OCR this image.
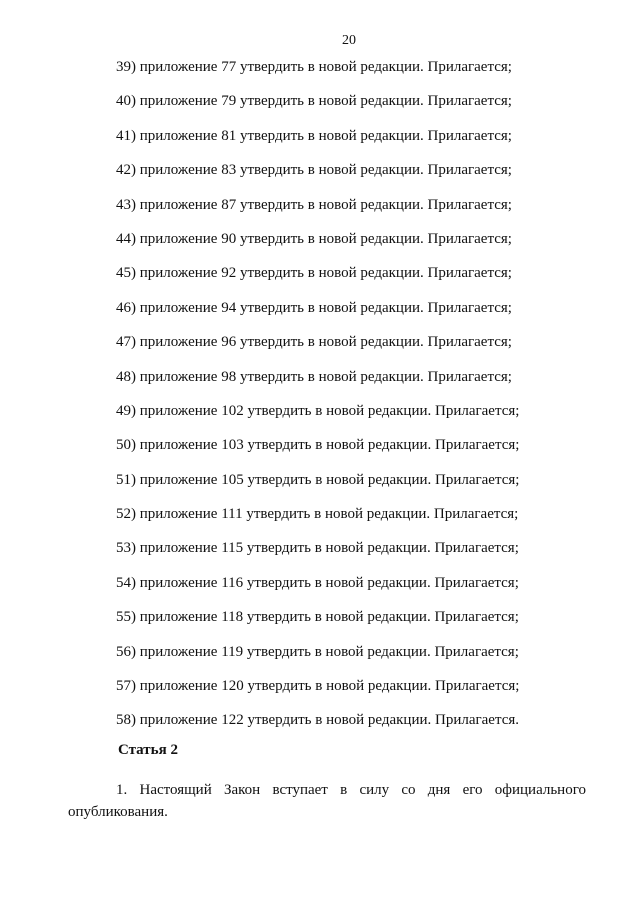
20
39) приложение 77 утвердить в новой редакции. Прилагается;
40) приложение 79 утвердить в новой редакции. Прилагается;
41) приложение 81 утвердить в новой редакции. Прилагается;
42) приложение 83 утвердить в новой редакции. Прилагается;
43) приложение 87 утвердить в новой редакции. Прилагается;
44) приложение 90 утвердить в новой редакции. Прилагается;
45) приложение 92 утвердить в новой редакции. Прилагается;
46) приложение 94 утвердить в новой редакции. Прилагается;
47) приложение 96 утвердить в новой редакции. Прилагается;
48) приложение 98 утвердить в новой редакции. Прилагается;
49) приложение 102 утвердить в новой редакции. Прилагается;
50) приложение 103 утвердить в новой редакции. Прилагается;
51) приложение 105 утвердить в новой редакции. Прилагается;
52) приложение 111 утвердить в новой редакции. Прилагается;
53) приложение 115 утвердить в новой редакции. Прилагается;
54) приложение 116 утвердить в новой редакции. Прилагается;
55) приложение 118 утвердить в новой редакции. Прилагается;
56) приложение 119 утвердить в новой редакции. Прилагается;
57) приложение 120 утвердить в новой редакции. Прилагается;
58) приложение 122 утвердить в новой редакции. Прилагается.
Статья 2
1. Настоящий Закон вступает в силу со дня его официального
опубликования.
